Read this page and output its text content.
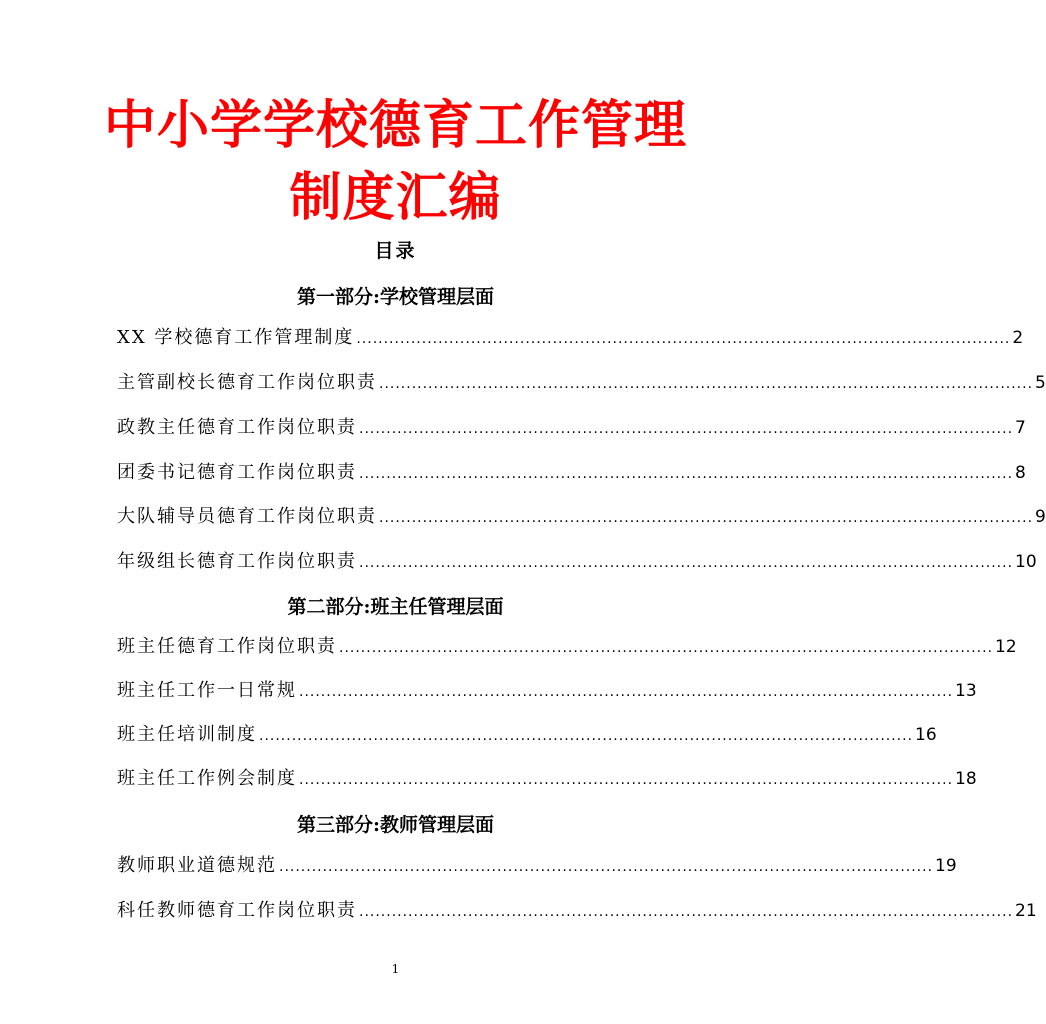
中小学学校德育工作管理
制度汇编
目录
第一部分:学校管理层面
XX 学校德育工作管理制度 ........................................................................................................................ 2
主管副校长德育工作岗位职责 ........................................................................................................................ 5
政教主任德育工作岗位职责 ........................................................................................................................ 7
团委书记德育工作岗位职责 ........................................................................................................................ 8
大队辅导员德育工作岗位职责 ........................................................................................................................ 9
年级组长德育工作岗位职责 ........................................................................................................................ 10
第二部分:班主任管理层面
班主任德育工作岗位职责 ........................................................................................................................ 12
班主任工作一日常规 ........................................................................................................................ 13
班主任培训制度 ........................................................................................................................ 16
班主任工作例会制度 ........................................................................................................................ 18
第三部分:教师管理层面
教师职业道德规范 ........................................................................................................................ 19
科任教师德育工作岗位职责 ........................................................................................................................ 21
1
